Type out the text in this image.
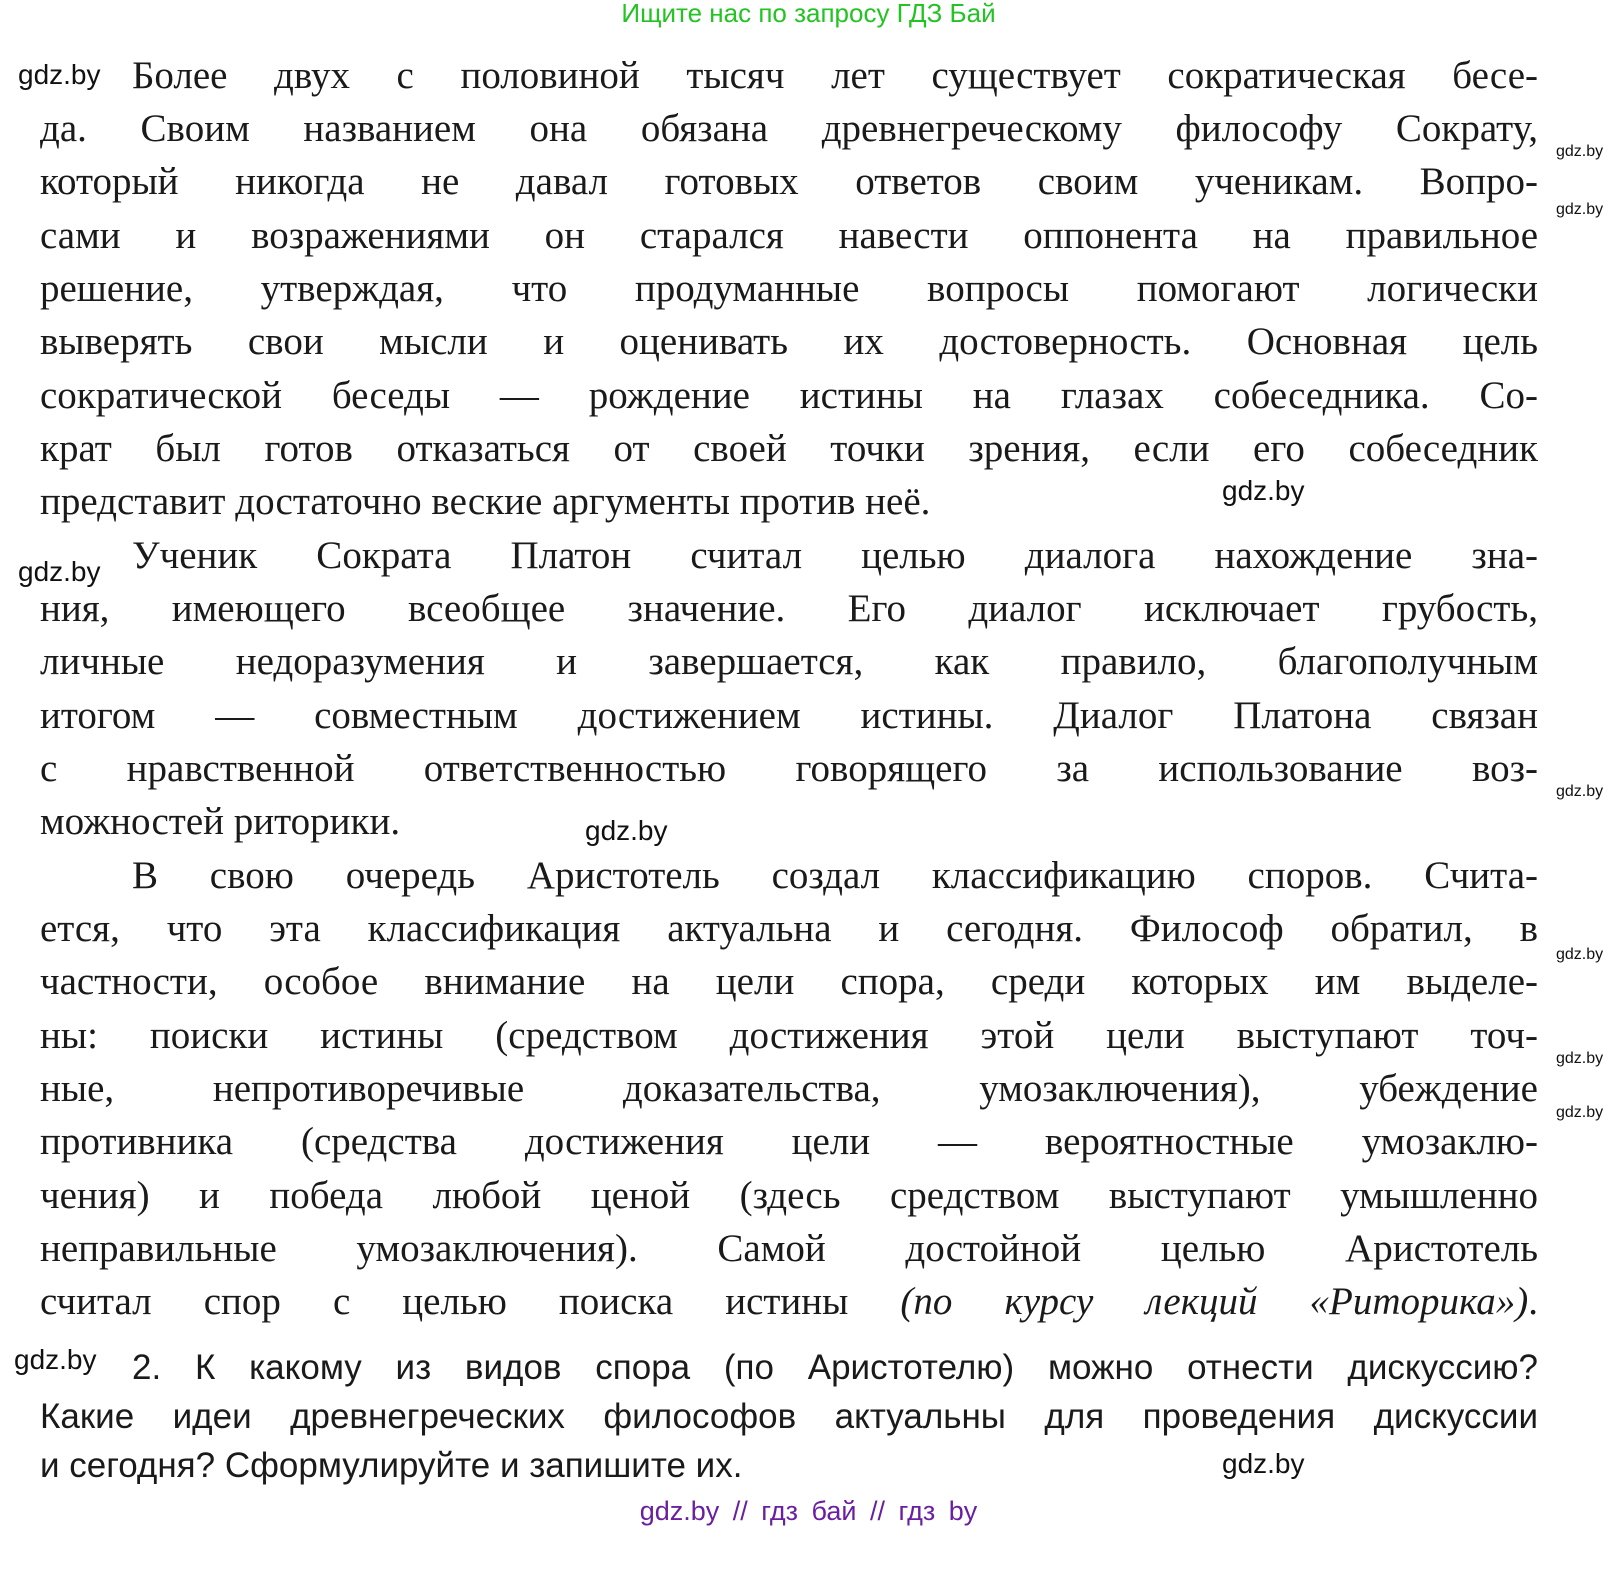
Ищите нас по запросу ГДЗ Бай
Более двух с половиной тысяч лет существует сократическая бесе-
да. Своим названием она обязана древнегреческому философу Сократу,
который никогда не давал готовых ответов своим ученикам. Вопро-
сами и возражениями он старался навести оппонента на правильное
решение, утверждая, что продуманные вопросы помогают логически
выверять свои мысли и оценивать их достоверность. Основная цель
сократической беседы — рождение истины на глазах собеседника. Со-
крат был готов отказаться от своей точки зрения, если его собеседник
представит достаточно веские аргументы против неё.
Ученик Сократа Платон считал целью диалога нахождение зна-
ния, имеющего всеобщее значение. Его диалог исключает грубость,
личные недоразумения и завершается, как правило, благополучным
итогом — совместным достижением истины. Диалог Платона связан
с нравственной ответственностью говорящего за использование воз-
можностей риторики.
В свою очередь Аристотель создал классификацию споров. Счита-
ется, что эта классификация актуальна и сегодня. Философ обратил, в
частности, особое внимание на цели спора, среди которых им выделе-
ны: поиски истины (средством достижения этой цели выступают точ-
ные, непротиворечивые доказательства, умозаключения), убеждение
противника (средства достижения цели — вероятностные умозаклю-
чения) и победа любой ценой (здесь средством выступают умышленно
неправильные умозаключения). Самой достойной целью Аристотель
считал спор с целью поиска истины (по курсу лекций «Риторика»).
2. К какому из видов спора (по Аристотелю) можно отнести дискуссию?
Какие идеи древнегреческих философов актуальны для проведения дискуссии
и сегодня? Сформулируйте и запишите их.
gdz.by
gdz.by
gdz.by
gdz.by
gdz.by
gdz.by
gdz.by
gdz.by
gdz.by
gdz.by
gdz.by
gdz.by
gdz.by // гдз бай // гдз by
